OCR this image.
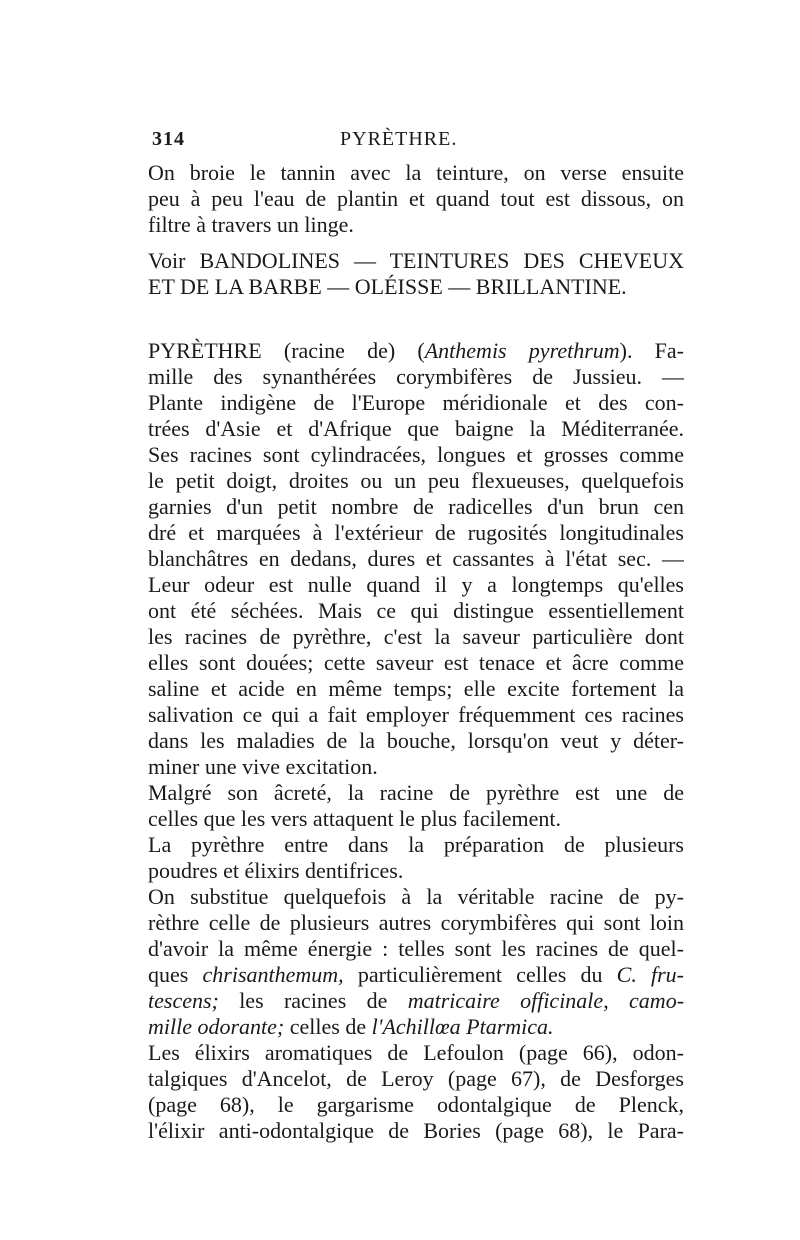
314	PYRÈTHRE.
On broie le tannin avec la teinture, on verse ensuite
peu à peu l'eau de plantin et quand tout est dissous, on
filtre à travers un linge.
Voir BANDOLINES — TEINTURES DES CHEVEUX
ET DE LA BARBE — OLÉISSE — BRILLANTINE.
PYRÈTHRE (racine de) (Anthemis pyrethrum). Fa-
mille des synanthérées corymbifères de Jussieu. —
Plante indigène de l'Europe méridionale et des con-
trées d'Asie et d'Afrique que baigne la Méditerranée.
Ses racines sont cylindracées, longues et grosses comme
le petit doigt, droites ou un peu flexueuses, quelquefois
garnies d'un petit nombre de radicelles d'un brun cen
dré et marquées à l'extérieur de rugosités longitudinales
blanchâtres en dedans, dures et cassantes à l'état sec. —
Leur odeur est nulle quand il y a longtemps qu'elles
ont été séchées. Mais ce qui distingue essentiellement
les racines de pyrèthre, c'est la saveur particulière dont
elles sont douées; cette saveur est tenace et âcre comme
saline et acide en même temps; elle excite fortement la
salivation ce qui a fait employer fréquemment ces racines
dans les maladies de la bouche, lorsqu'on veut y déter-
miner une vive excitation.
Malgré son âcreté, la racine de pyrèthre est une de
celles que les vers attaquent le plus facilement.
La pyrèthre entre dans la préparation de plusieurs
poudres et élixirs dentifrices.
On substitue quelquefois à la véritable racine de py-
rèthre celle de plusieurs autres corymbifères qui sont loin
d'avoir la même énergie : telles sont les racines de quel-
ques chrisanthemum, particulièrement celles du C. fru-
tescens; les racines de matricaire officinale, camo-
mille odorante; celles de l'Achillœa Ptarmica.
Les élixirs aromatiques de Lefoulon (page 66), odon-
talgiques d'Ancelot, de Leroy (page 67), de Desforges
(page 68), le gargarisme odontalgique de Plenck,
l'élixir anti-odontalgique de Bories (page 68), le Para-
